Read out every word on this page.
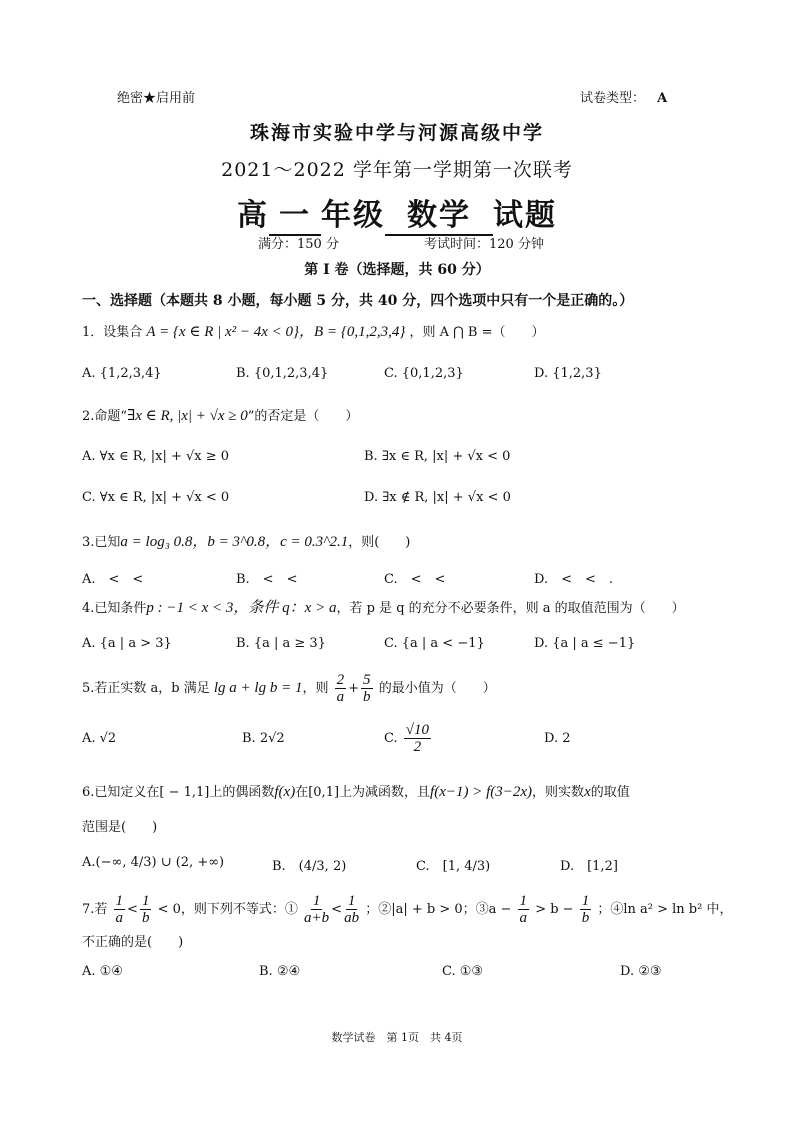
绝密★启用前	试卷类型： A
珠海市实验中学与河源高级中学
2021～2022 学年第一学期第一次联考
高 一 年级 数学 试题
满分：150 分	考试时间：120 分钟
第 I 卷（选择题，共 60 分）
一、选择题（本题共 8 小题，每小题 5 分，共 40 分，四个选项中只有一个是正确的。）
1．设集合 A = {x ∈ R | x² − 4x < 0}，B = {0,1,2,3,4} ，则 A ⋂ B =（　　）
A. {1,2,3,4}	B. {0,1,2,3,4}	C. {0,1,2,3}	D. {1,2,3}
2.命题“∃x ∈ R, |x| + √x ≥ 0”的否定是（　　）
A. ∀x ∈ R, |x| + √x ≥ 0	B. ∃x ∈ R, |x| + √x < 0
C. ∀x ∈ R, |x| + √x < 0	D. ∃x ∉ R, |x| + √x < 0
3.已知a = log₃ 0.8，b = 3^0.8，c = 0.3^2.1，则(　　)
A.　<　<	B.　<　<	C.　<　<	D.　<　<　.
4.已知条件p : −1 < x < 3，条件 q：x > a，若 p 是 q 的充分不必要条件，则 a 的取值范围为（　　）
A. {a | a > 3}	B. {a | a ≥ 3}	C. {a | a < −1}	D. {a | a ≤ −1}
5.若正实数 a，b 满足 lg a + lg b = 1，则 $\frac{2}{a} + \frac{5}{b}$ 的最小值为（　　）
A. √2	B. 2√2	C. $\frac{√10}{2}$	D. 2
6.已知定义在[ − 1,1]上的偶函数f(x)在[0,1]上为减函数，且f(x−1) > f(3−2x)，则实数x的取值
范围是(　　)
A.(−∞, 4/3) ∪ (2, +∞)	B.　(4/3, 2)	C.　[1, 4/3)	D.　[1,2]
7.若 $\frac{1}{a} < \frac{1}{b} < 0$，则下列不等式：① $\frac{1}{a+b} < \frac{1}{ab}$ ；②|a| + b > 0；③a − $\frac{1}{a} > b - \frac{1}{b}$ ；④ln a² > ln b² 中，
不正确的是(　　)
A. ①④	B. ②④	C. ①③	D. ②③
数学试卷　第 1页　共 4页
